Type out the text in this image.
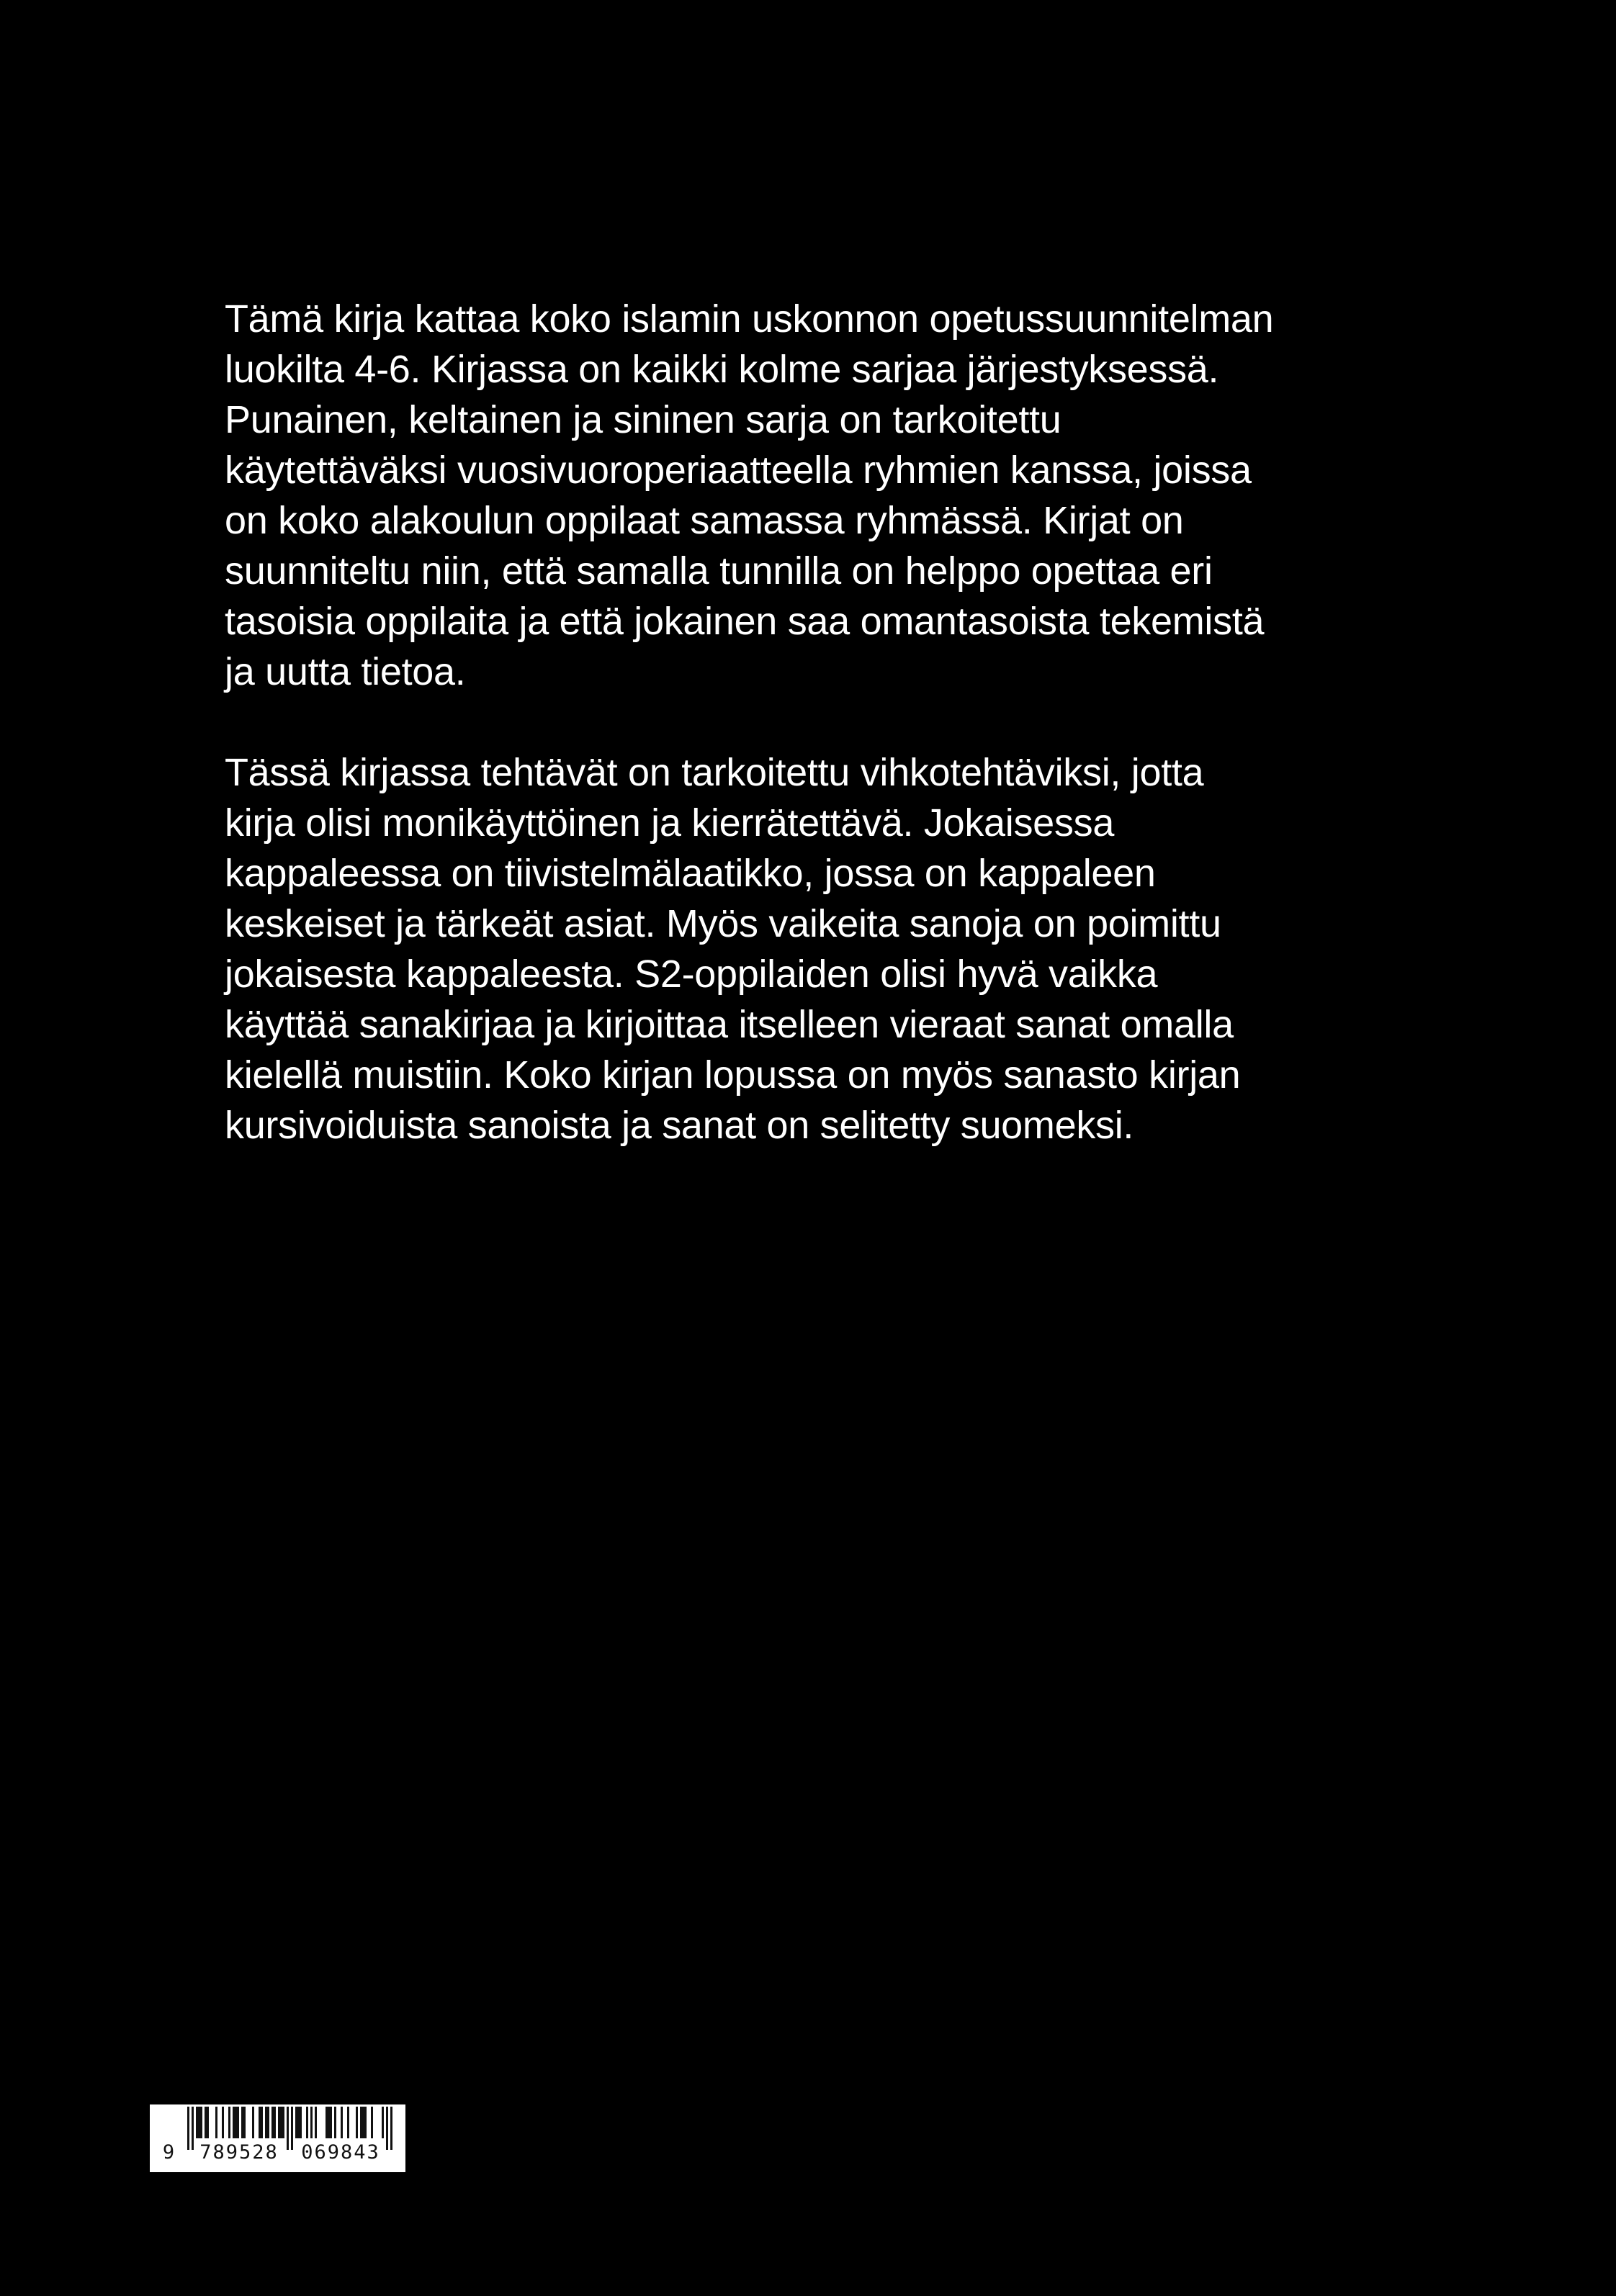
Tämä kirja kattaa koko islamin uskonnon opetussuunnitelman
luokilta 4-6. Kirjassa on kaikki kolme sarjaa järjestyksessä.
Punainen, keltainen ja sininen sarja on tarkoitettu
käytettäväksi vuosivuoroperiaatteella ryhmien kanssa, joissa
on koko alakoulun oppilaat samassa ryhmässä. Kirjat on
suunniteltu niin, että samalla tunnilla on helppo opettaa eri
tasoisia oppilaita ja että jokainen saa omantasoista tekemistä
ja uutta tietoa.
Tässä kirjassa tehtävät on tarkoitettu vihkotehtäviksi, jotta
kirja olisi monikäyttöinen ja kierrätettävä. Jokaisessa
kappaleessa on tiivistelmälaatikko, jossa on kappaleen
keskeiset ja tärkeät asiat. Myös vaikeita sanoja on poimittu
jokaisesta kappaleesta. S2-oppilaiden olisi hyvä vaikka
käyttää sanakirjaa ja kirjoittaa itselleen vieraat sanat omalla
kielellä muistiin. Koko kirjan lopussa on myös sanasto kirjan
kursivoiduista sanoista ja sanat on selitetty suomeksi.
9 789528 069843
